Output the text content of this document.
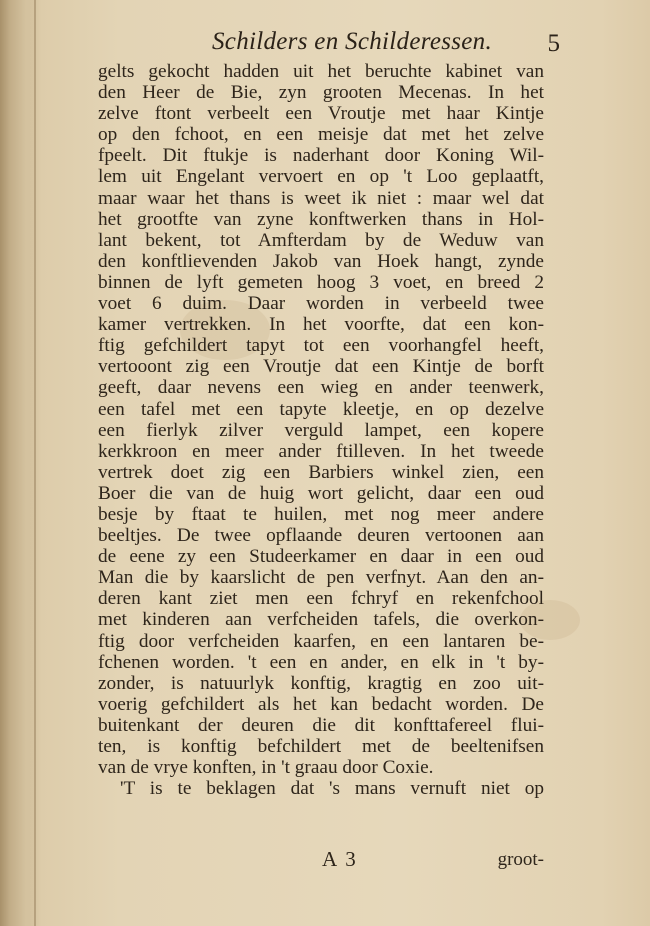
Schilders en Schilderessen. 5
gelts gekocht hadden uit het beruchte kabinet van
den Heer de Bie, zyn grooten Mecenas. In het
zelve ftont verbeelt een Vroutje met haar Kintje
op den fchoot, en een meisje dat met het zelve
fpeelt. Dit ftukje is naderhant door Koning Wil-
lem uit Engelant vervoert en op 't Loo geplaatft,
maar waar het thans is weet ik niet : maar wel dat
het grootfte van zyne konftwerken thans in Hol-
lant bekent, tot Amfterdam by de Weduw van
den konftlievenden Jakob van Hoek hangt, zynde
binnen de lyft gemeten hoog 3 voet, en breed 2
voet 6 duim. Daar worden in verbeeld twee
kamer vertrekken. In het voorfte, dat een kon-
ftig gefchildert tapyt tot een voorhangfel heeft,
vertooont zig een Vroutje dat een Kintje de borft
geeft, daar nevens een wieg en ander teenwerk,
een tafel met een tapyte kleetje, en op dezelve
een fierlyk zilver verguld lampet, een kopere
kerkkroon en meer ander ftilleven. In het tweede
vertrek doet zig een Barbiers winkel zien, een
Boer die van de huig wort gelicht, daar een oud
besje by ftaat te huilen, met nog meer andere
beeltjes. De twee opflaande deuren vertoonen aan
de eene zy een Studeerkamer en daar in een oud
Man die by kaarslicht de pen verfnyt. Aan den an-
deren kant ziet men een fchryf en rekenfchool
met kinderen aan verfcheiden tafels, die overkon-
ftig door verfcheiden kaarfen, en een lantaren be-
fchenen worden. 't een en ander, en elk in 't by-
zonder, is natuurlyk konftig, kragtig en zoo uit-
voerig gefchildert als het kan bedacht worden. De
buitenkant der deuren die dit konfttafereel flui-
ten, is konftig befchildert met de beeltenifsen
van de vrye konften, in 't graau door Coxie.
'T is te beklagen dat 's mans vernuft niet op
A 3	groot-
